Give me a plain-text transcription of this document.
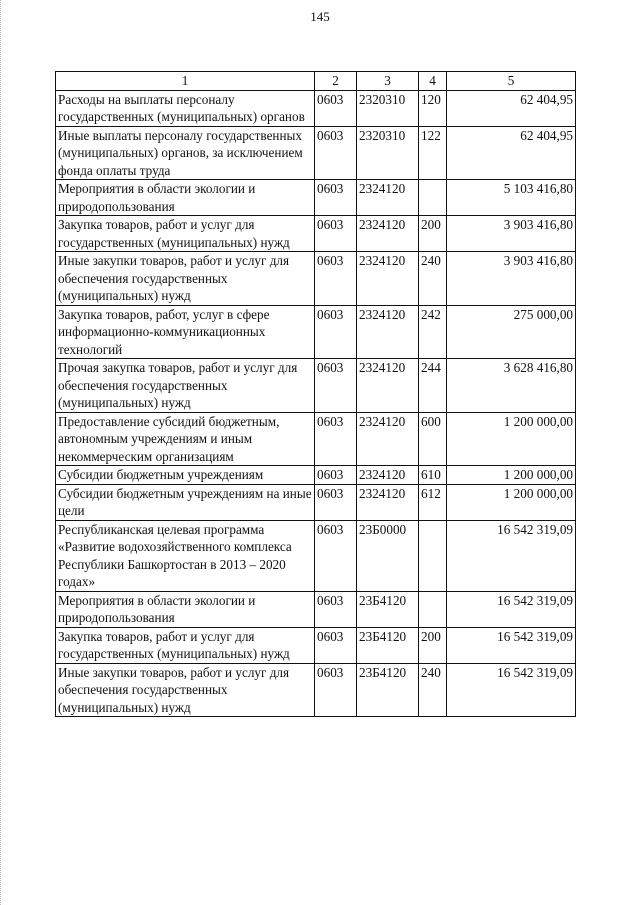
145
1	2	3	4	5
Расходы на выплаты персоналу государственных (муниципальных) органов	0603	2320310	120	62 404,95
Иные выплаты персоналу государственных (муниципальных) органов, за исключением фонда оплаты труда	0603	2320310	122	62 404,95
Мероприятия в области экологии и природопользования	0603	2324120		5 103 416,80
Закупка товаров, работ и услуг для государственных (муниципальных) нужд	0603	2324120	200	3 903 416,80
Иные закупки товаров, работ и услуг для обеспечения государственных (муниципальных) нужд	0603	2324120	240	3 903 416,80
Закупка товаров, работ, услуг в сфере информационно-коммуникационных технологий	0603	2324120	242	275 000,00
Прочая закупка товаров, работ и услуг для обеспечения государственных (муниципальных) нужд	0603	2324120	244	3 628 416,80
Предоставление субсидий бюджетным, автономным учреждениям и иным некоммерческим организациям	0603	2324120	600	1 200 000,00
Субсидии бюджетным учреждениям	0603	2324120	610	1 200 000,00
Субсидии бюджетным учреждениям на иные цели	0603	2324120	612	1 200 000,00
Республиканская целевая программа «Развитие водохозяйственного комплекса Республики Башкортостан в 2013 – 2020 годах»	0603	23Б0000		16 542 319,09
Мероприятия в области экологии и природопользования	0603	23Б4120		16 542 319,09
Закупка товаров, работ и услуг для государственных (муниципальных) нужд	0603	23Б4120	200	16 542 319,09
Иные закупки товаров, работ и услуг для обеспечения государственных (муниципальных) нужд	0603	23Б4120	240	16 542 319,09
